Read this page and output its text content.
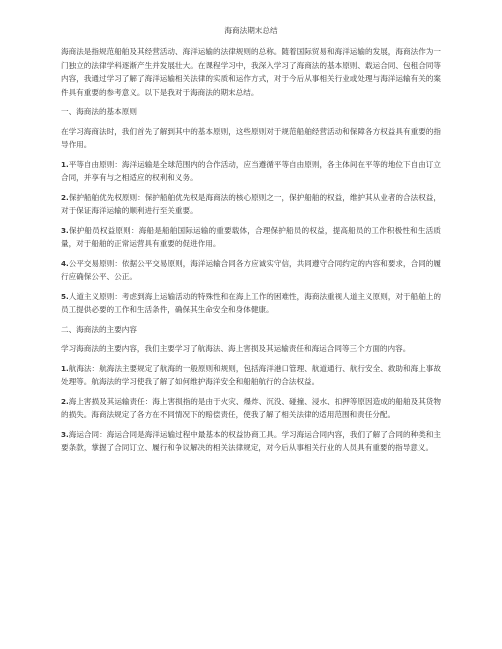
海商法期末总结

海商法是指规范船舶及其经营活动、海洋运输的法律规则的总称。随着国际贸易和海洋运输的发展，海商法作为一门独立的法律学科逐渐产生并发展壮大。在课程学习中，我深入学习了海商法的基本原则、载运合同、包租合同等内容，我通过学习了解了海洋运输相关法律的实质和运作方式，对于今后从事相关行业或处理与海洋运输有关的案件具有重要的参考意义。以下是我对于海商法的期末总结。

一、海商法的基本原则

在学习海商法时，我们首先了解到其中的基本原则，这些原则对于规范船舶经营活动和保障各方权益具有重要的指导作用。

1.平等自由原则：海洋运输是全球范围内的合作活动，应当遵循平等自由原则，各主体间在平等的地位下自由订立合同，并享有与之相适应的权利和义务。

2.保护船舶优先权原则：保护船舶优先权是海商法的核心原则之一，保护船舶的权益，维护其从业者的合法权益，对于保证海洋运输的顺利进行至关重要。

3.保护船员权益原则：海船是船舶国际运输的重要载体，合理保护船员的权益，提高船员的工作积极性和生活质量，对于船舶的正常运营具有重要的促进作用。

4.公平交易原则：依据公平交易原则，海洋运输合同各方应诚实守信，共同遵守合同约定的内容和要求，合同的履行应确保公平、公正。

5.人道主义原则：考虑到海上运输活动的特殊性和在海上工作的困难性，海商法重视人道主义原则，对于船舶上的员工提供必要的工作和生活条件，确保其生命安全和身体健康。

二、海商法的主要内容

学习海商法的主要内容，我们主要学习了航海法、海上害损及其运输责任和海运合同等三个方面的内容。

1.航海法：航海法主要规定了航海的一般原则和规则，包括海洋港口管理、航道通行、航行安全、救助和海上事故处理等。航海法的学习使我了解了如何维护海洋安全和船舶航行的合法权益。

2.海上害损及其运输责任：海上害损指的是由于火灾、爆炸、沉没、碰撞、浸水、扣押等原因造成的船舶及其货物的损失。海商法规定了各方在不同情况下的赔偿责任，使我了解了相关法律的适用范围和责任分配。

3.海运合同：海运合同是海洋运输过程中最基本的权益协商工具。学习海运合同内容，我们了解了合同的种类和主要条款，掌握了合同订立、履行和争议解决的相关法律规定，对今后从事相关行业的人员具有重要的指导意义。
